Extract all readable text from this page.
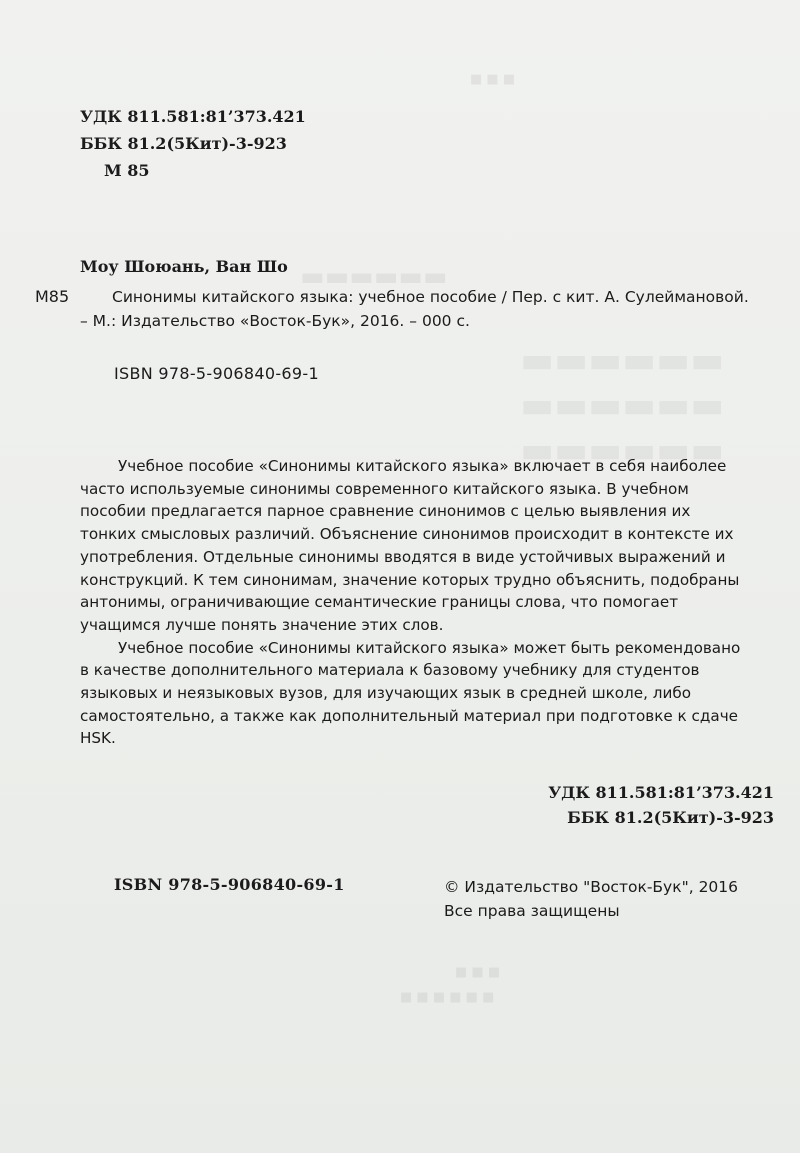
■ ■ ■
▬▬▬▬▬▬
■ ■ ■
■ ■ ■ ■ ■ ■
УДК 811.581:81’373.421
ББК 81.2(5Кит)-3-923
М 85
Моу Шоюань, Ван Шо
М85	Синонимы китайского языка: учебное пособие / Пер. с кит. А. Сулеймановой.
– М.: Издательство «Восток-Бук», 2016. – 000 с.
ISBN 978-5-906840-69-1
Учебное пособие «Синонимы китайского языка» включает в себя наиболее
часто используемые синонимы современного китайского языка. В учебном
пособии предлагается парное сравнение синонимов с целью выявления их
тонких смысловых различий. Объяснение синонимов происходит в контексте их
употребления. Отдельные синонимы вводятся в виде устойчивых выражений и
конструкций. К тем синонимам, значение которых трудно объяснить, подобраны
антонимы, ограничивающие семантические границы слова, что помогает
учащимся лучше понять значение этих слов.
Учебное пособие «Синонимы китайского языка» может быть рекомендовано
в качестве дополнительного материала к базовому учебнику для студентов
языковых и неязыковых вузов, для изучающих язык в средней школе, либо
самостоятельно, а также как дополнительный материал при подготовке к сдаче
HSK.
УДК 811.581:81’373.421
ББК 81.2(5Кит)-3-923
ISBN 978-5-906840-69-1	© Издательство "Восток-Бук", 2016
Все права защищены
